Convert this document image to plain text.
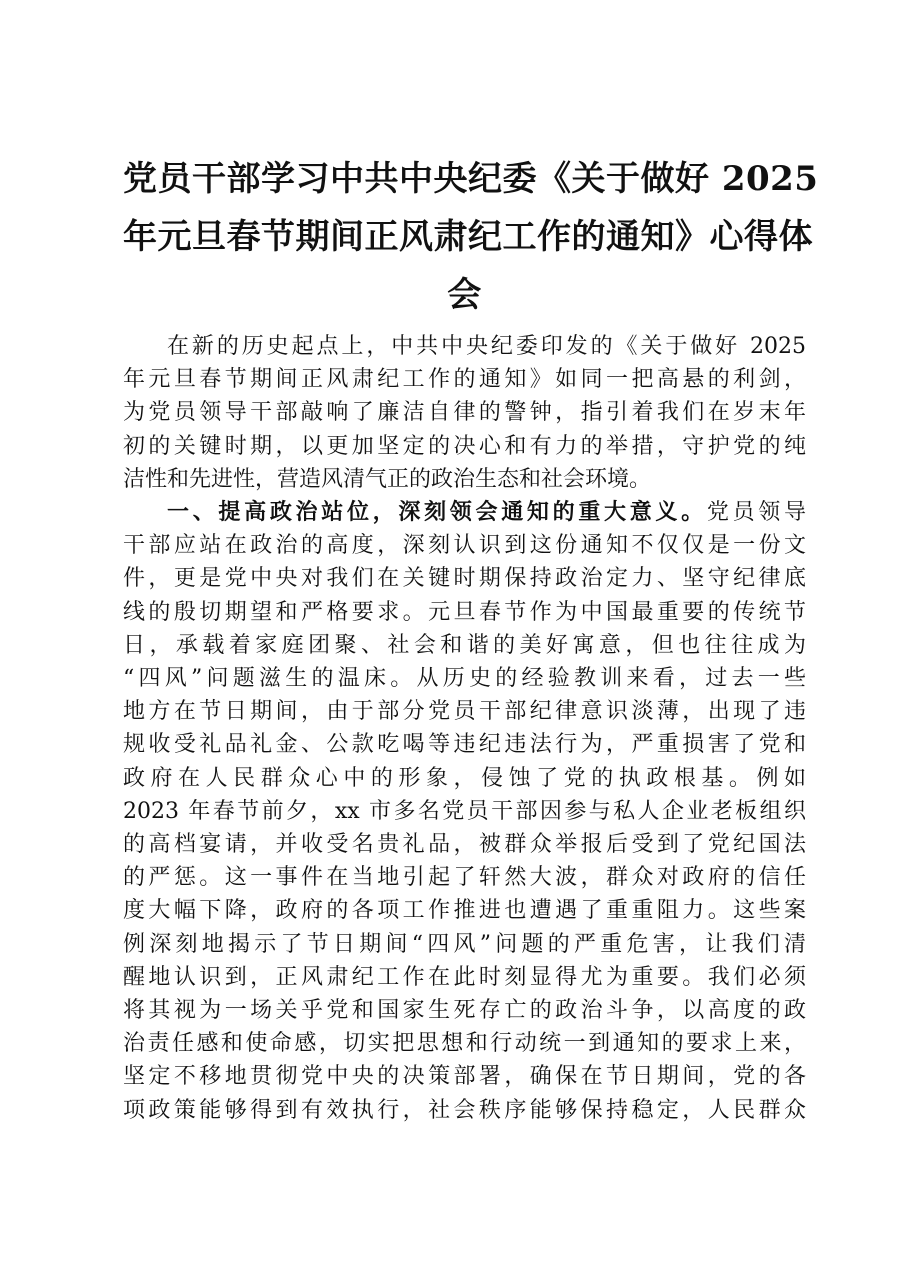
党员干部学习中共中央纪委《关于做好 2025
年元旦春节期间正风肃纪工作的通知》心得体
会

在新的历史起点上，中共中央纪委印发的《关于做好 2025
年元旦春节期间正风肃纪工作的通知》如同一把高悬的利剑，
为党员领导干部敲响了廉洁自律的警钟，指引着我们在岁末年
初的关键时期，以更加坚定的决心和有力的举措，守护党的纯
洁性和先进性，营造风清气正的政治生态和社会环境。

一、提高政治站位，深刻领会通知的重大意义。党员领导
干部应站在政治的高度，深刻认识到这份通知不仅仅是一份文
件，更是党中央对我们在关键时期保持政治定力、坚守纪律底
线的殷切期望和严格要求。元旦春节作为中国最重要的传统节
日，承载着家庭团聚、社会和谐的美好寓意，但也往往成为
“四风”问题滋生的温床。从历史的经验教训来看，过去一些
地方在节日期间，由于部分党员干部纪律意识淡薄，出现了违
规收受礼品礼金、公款吃喝等违纪违法行为，严重损害了党和
政府在人民群众心中的形象，侵蚀了党的执政根基。例如
2023 年春节前夕，xx 市多名党员干部因参与私人企业老板组织
的高档宴请，并收受名贵礼品，被群众举报后受到了党纪国法
的严惩。这一事件在当地引起了轩然大波，群众对政府的信任
度大幅下降，政府的各项工作推进也遭遇了重重阻力。这些案
例深刻地揭示了节日期间“四风”问题的严重危害，让我们清
醒地认识到，正风肃纪工作在此时刻显得尤为重要。我们必须
将其视为一场关乎党和国家生死存亡的政治斗争，以高度的政
治责任感和使命感，切实把思想和行动统一到通知的要求上来，
坚定不移地贯彻党中央的决策部署，确保在节日期间，党的各
项政策能够得到有效执行，社会秩序能够保持稳定，人民群众
